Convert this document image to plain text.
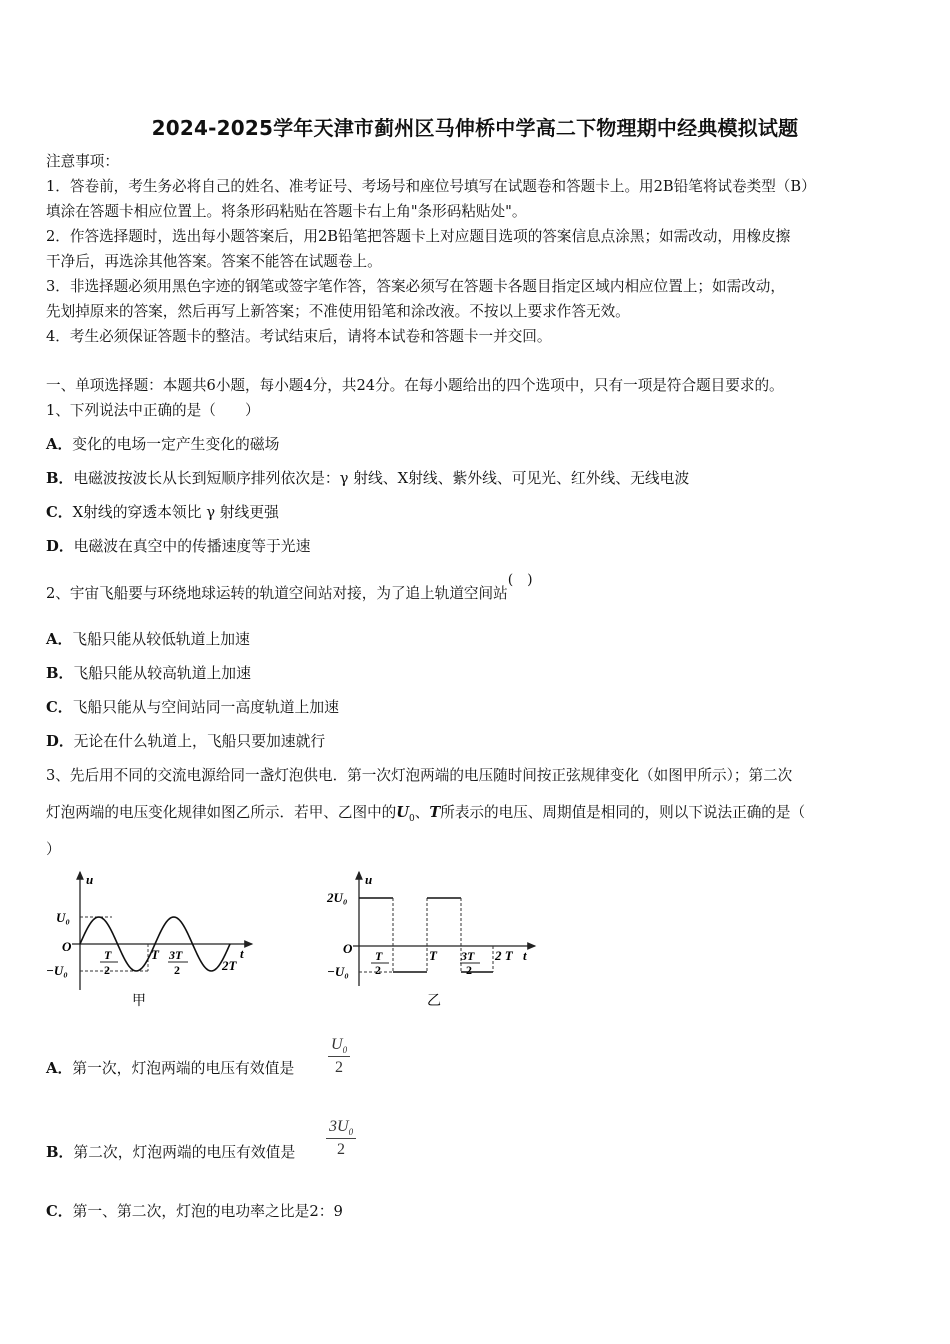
2024-2025学年天津市蓟州区马伸桥中学高二下物理期中经典模拟试题
注意事项：
1．答卷前，考生务必将自己的姓名、准考证号、考场号和座位号填写在试题卷和答题卡上。用2B铅笔将试卷类型（B）
填涂在答题卡相应位置上。将条形码粘贴在答题卡右上角"条形码粘贴处"。
2．作答选择题时，选出每小题答案后，用2B铅笔把答题卡上对应题目选项的答案信息点涂黑；如需改动，用橡皮擦
干净后，再选涂其他答案。答案不能答在试题卷上。
3．非选择题必须用黑色字迹的钢笔或签字笔作答，答案必须写在答题卡各题目指定区域内相应位置上；如需改动，
先划掉原来的答案，然后再写上新答案；不准使用铅笔和涂改液。不按以上要求作答无效。
4．考生必须保证答题卡的整洁。考试结束后，请将本试卷和答题卡一并交回。
一、单项选择题：本题共6小题，每小题4分，共24分。在每小题给出的四个选项中，只有一项是符合题目要求的。
1、下列说法中正确的是（　　）
A．变化的电场一定产生变化的磁场
B．电磁波按波长从长到短顺序排列依次是：γ 射线、X射线、紫外线、可见光、红外线、无线电波
C．X射线的穿透本领比 γ 射线更强
D．电磁波在真空中的传播速度等于光速
2、宇宙飞船要与环绕地球运转的轨道空间站对接，为了追上轨道空间站(　)
A．飞船只能从较低轨道上加速
B．飞船只能从较高轨道上加速
C．飞船只能从与空间站同一高度轨道上加速
D．无论在什么轨道上，飞船只要加速就行
3、先后用不同的交流电源给同一盏灯泡供电．第一次灯泡两端的电压随时间按正弦规律变化（如图甲所示）；第二次
灯泡两端的电压变化规律如图乙所示．若甲、乙图中的$U_0$、T所表示的电压、周期值是相同的，则以下说法正确的是（
）
u
t
O
U₀
−U₀
T
2
T 3T
2	2T
甲
u
t
O
2U₀
−U₀
T
2
T 3T
2
2 T
乙
A．第一次，灯泡两端的电压有效值是 $\frac{U_0}{2}$
B．第二次，灯泡两端的电压有效值是 $\frac{3U_0}{2}$
C．第一、第二次，灯泡的电功率之比是2：9
